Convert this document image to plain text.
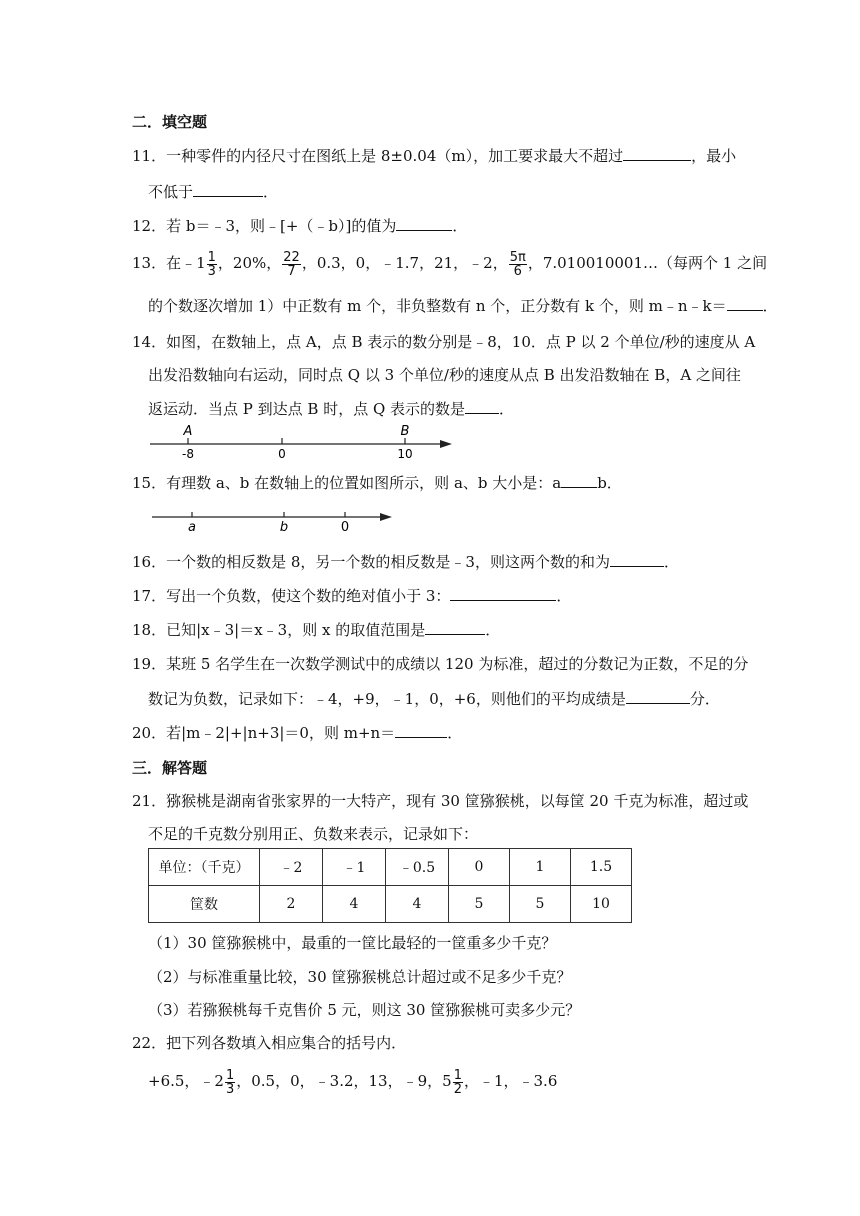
二．填空题
11．一种零件的内径尺寸在图纸上是 8±0.04（m），加工要求最大不超过	，最小
不低于	．
12．若 b＝﹣3，则﹣[+（﹣b）]的值为	．
13．在﹣1 $\frac{1}{3}$ ，20%， $\frac{22}{7}$ ，0.3，0，﹣1.7，21，﹣2， $\frac{5\pi}{6}$ ，7.010010001…（每两个 1 之间
的个数逐次增加 1）中正数有 m 个，非负整数有 n 个，正分数有 k 个，则 m﹣n﹣k＝ ．
14．如图，在数轴上，点 A，点 B 表示的数分别是﹣8，10．点 P 以 2 个单位/秒的速度从 A
出发沿数轴向右运动，同时点 Q 以 3 个单位/秒的速度从点 B 出发沿数轴在 B，A 之间往
返运动．当点 P 到达点 B 时，点 Q 表示的数是 ．
A	B
-8	0	10
15．有理数 a、b 在数轴上的位置如图所示，则 a、b 大小是：a b．
a	b	0
16．一个数的相反数是 8，另一个数的相反数是﹣3，则这两个数的和为	．
17．写出一个负数，使这个数的绝对值小于 3：	．
18．已知|x﹣3|＝x﹣3，则 x 的取值范围是	．
19．某班 5 名学生在一次数学测试中的成绩以 120 为标准，超过的分数记为正数，不足的分
数记为负数，记录如下：﹣4，+9，﹣1，0，+6，则他们的平均成绩是	分．
20．若|m﹣2|+|n+3|＝0，则 m+n＝	．
三．解答题
21．猕猴桃是湖南省张家界的一大特产，现有 30 筐猕猴桃，以每筐 20 千克为标准，超过或
不足的千克数分别用正、负数来表示，记录如下：
单位：（千克）	﹣2	﹣1	﹣0.5	0	1	1.5
筐数	2	4	4	5	5	10
（1）30 筐猕猴桃中，最重的一筐比最轻的一筐重多少千克？
（2）与标准重量比较，30 筐猕猴桃总计超过或不足多少千克？
（3）若猕猴桃每千克售价 5 元，则这 30 筐猕猴桃可卖多少元？
22．把下列各数填入相应集合的括号内．
+6.5，﹣2 $\frac{1}{3}$ ，0.5，0，﹣3.2，13，﹣9，$5 \frac{1}{2}$ ，﹣1，﹣3.6
